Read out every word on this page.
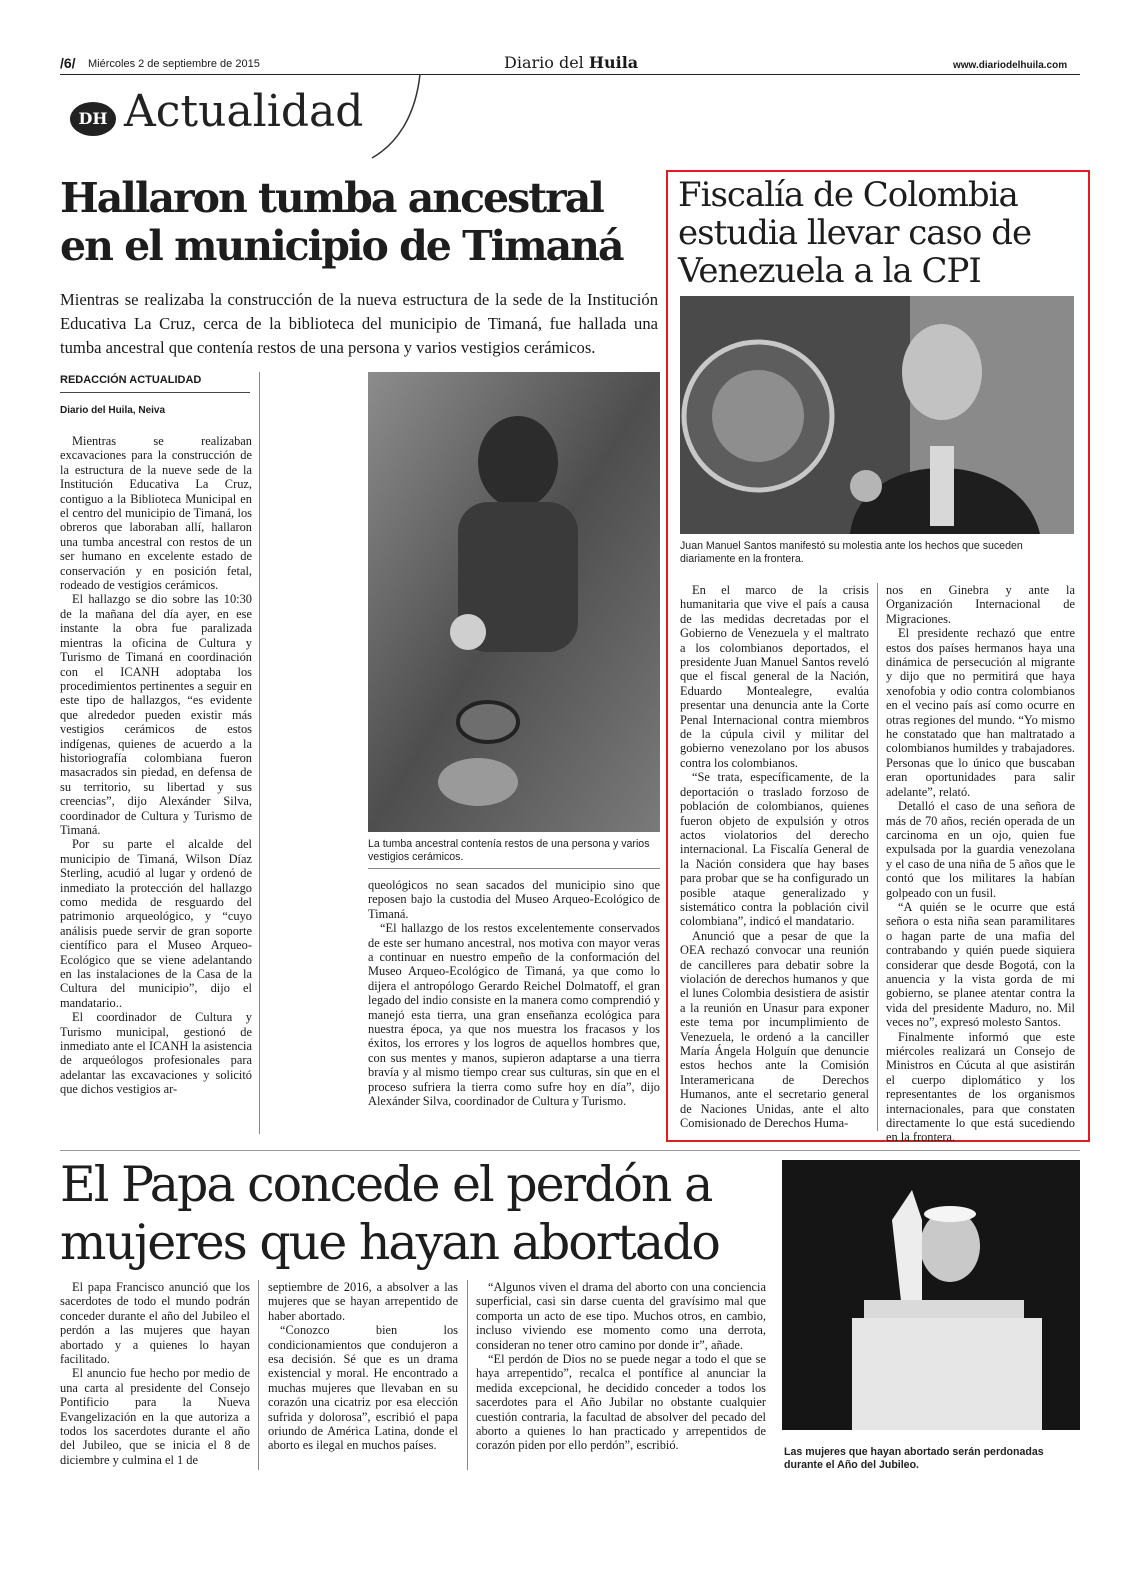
/6/ Miércoles 2 de septiembre de 2015	Diario del Huila	www.diariodelhuila.com
DH Actualidad
Hallaron tumba ancestral
en el municipio de Timaná
Mientras se realizaba la construcción de la nueva estructura de la sede de la Institución Educativa La Cruz, cerca de la biblioteca del municipio de Timaná, fue hallada una tumba ancestral que contenía restos de una persona y varios vestigios cerámicos.
REDACCIÓN ACTUALIDAD
Diario del Huila, Neiva

Mientras se realizaban excavaciones para la construcción de la estructura de la nueve sede de la Institución Educativa La Cruz, contiguo a la Biblioteca Municipal en el centro del municipio de Timaná, los obreros que laboraban allí, hallaron una tumba ancestral con restos de un ser humano en excelente estado de conservación y en posición fetal, rodeado de vestigios cerámicos.

El hallazgo se dio sobre las 10:30 de la mañana del día ayer, en ese instante la obra fue paralizada mientras la oficina de Cultura y Turismo de Timaná en coordinación con el ICANH adoptaba los procedimientos pertinentes a seguir en este tipo de hallazgos, “es evidente que alrededor pueden existir más vestigios cerámicos de estos indígenas, quienes de acuerdo a la historiografía colombiana fueron masacrados sin piedad, en defensa de su territorio, su libertad y sus creencias”, dijo Alexánder Silva, coordinador de Cultura y Turismo de Timaná.

Por su parte el alcalde del municipio de Timaná, Wilson Díaz Sterling, acudió al lugar y ordenó de inmediato la protección del hallazgo como medida de resguardo del patrimonio arqueológico, y “cuyo análisis puede servir de gran soporte científico para el Museo Arqueo-Ecológico que se viene adelantando en las instalaciones de la Casa de la Cultura del municipio”, dijo el mandatario..

El coordinador de Cultura y Turismo municipal, gestionó de inmediato ante el ICANH la asistencia de arqueólogos profesionales para adelantar las excavaciones y solicitó que dichos vestigios ar-

La tumba ancestral contenía restos de una persona y varios vestigios cerámicos.

queológicos no sean sacados del municipio sino que reposen bajo la custodia del Museo Arqueo-Ecológico de Timaná.

“El hallazgo de los restos excelentemente conservados de este ser humano ancestral, nos motiva con mayor veras a continuar en nuestro empeño de la conformación del Museo Arqueo-Ecológico de Timaná, ya que como lo dijera el antropólogo Gerardo Reichel Dolmatoff, el gran legado del indio consiste en la manera como comprendió y manejó esta tierra, una gran enseñanza ecológica para nuestra época, ya que nos muestra los fracasos y los éxitos, los errores y los logros de aquellos hombres que, con sus mentes y manos, supieron adaptarse a una tierra bravía y al mismo tiempo crear sus culturas, sin que en el proceso sufriera la tierra como sufre hoy en día”, dijo Alexánder Silva, coordinador de Cultura y Turismo.

Fiscalía de Colombia
estudia llevar caso de
Venezuela a la CPI
Juan Manuel Santos manifestó su molestia ante los hechos que suceden diariamente en la frontera.

En el marco de la crisis humanitaria que vive el país a causa de las medidas decretadas por el Gobierno de Venezuela y el maltrato a los colombianos deportados, el presidente Juan Manuel Santos reveló que el fiscal general de la Nación, Eduardo Montealegre, evalúa presentar una denuncia ante la Corte Penal Internacional contra miembros de la cúpula civil y militar del gobierno venezolano por los abusos contra los colombianos.

“Se trata, específicamente, de la deportación o traslado forzoso de población de colombianos, quienes fueron objeto de expulsión y otros actos violatorios del derecho internacional. La Fiscalía General de la Nación considera que hay bases para probar que se ha configurado un posible ataque generalizado y sistemático contra la población civil colombiana”, indicó el mandatario.

Anunció que a pesar de que la OEA rechazó convocar una reunión de cancilleres para debatir sobre la violación de derechos humanos y que el lunes Colombia desistiera de asistir a la reunión en Unasur para exponer este tema por incumplimiento de Venezuela, le ordenó a la canciller María Ángela Holguín que denuncie estos hechos ante la Comisión Interamericana de Derechos Humanos, ante el secretario general de Naciones Unidas, ante el alto Comisionado de Derechos Huma-

nos en Ginebra y ante la Organización Internacional de Migraciones.

El presidente rechazó que entre estos dos países hermanos haya una dinámica de persecución al migrante y dijo que no permitirá que haya xenofobia y odio contra colombianos en el vecino país así como ocurre en otras regiones del mundo. “Yo mismo he constatado que han maltratado a colombianos humildes y trabajadores. Personas que lo único que buscaban eran oportunidades para salir adelante”, relató.

Detalló el caso de una señora de más de 70 años, recién operada de un carcinoma en un ojo, quien fue expulsada por la guardia venezolana y el caso de una niña de 5 años que le contó que los militares la habían golpeado con un fusil.

“A quién se le ocurre que está señora o esta niña sean paramilitares o hagan parte de una mafia del contrabando y quién puede siquiera considerar que desde Bogotá, con la anuencia y la vista gorda de mi gobierno, se planee atentar contra la vida del presidente Maduro, no. Mil veces no”, expresó molesto Santos.

Finalmente informó que este miércoles realizará un Consejo de Ministros en Cúcuta al que asistirán el cuerpo diplomático y los representantes de los organismos internacionales, para que constaten directamente lo que está sucediendo en la frontera.

El Papa concede el perdón a
mujeres que hayan abortado

El papa Francisco anunció que los sacerdotes de todo el mundo podrán conceder durante el año del Jubileo el perdón a las mujeres que hayan abortado y a quienes lo hayan facilitado.

El anuncio fue hecho por medio de una carta al presidente del Consejo Pontificio para la Nueva Evangelización en la que autoriza a todos los sacerdotes durante el año del Jubileo, que se inicia el 8 de diciembre y culmina el 1 de

septiembre de 2016, a absolver a las mujeres que se hayan arrepentido de haber abortado.

“Conozco bien los condicionamientos que condujeron a esa decisión. Sé que es un drama existencial y moral. He encontrado a muchas mujeres que llevaban en su corazón una cicatriz por esa elección sufrida y dolorosa”, escribió el papa oriundo de América Latina, donde el aborto es ilegal en muchos países.

“Algunos viven el drama del aborto con una conciencia superficial, casi sin darse cuenta del gravísimo mal que comporta un acto de ese tipo. Muchos otros, en cambio, incluso viviendo ese momento como una derrota, consideran no tener otro camino por donde ir”, añade.

“El perdón de Dios no se puede negar a todo el que se haya arrepentido”, recalca el pontífice al anunciar la medida excepcional, he decidido conceder a todos los sacerdotes para el Año Jubilar no obstante cualquier cuestión contraria, la facultad de absolver del pecado del aborto a quienes lo han practicado y arrepentidos de corazón piden por ello perdón”, escribió.	Las mujeres que hayan abortado serán perdonadas durante el Año del Jubileo.
